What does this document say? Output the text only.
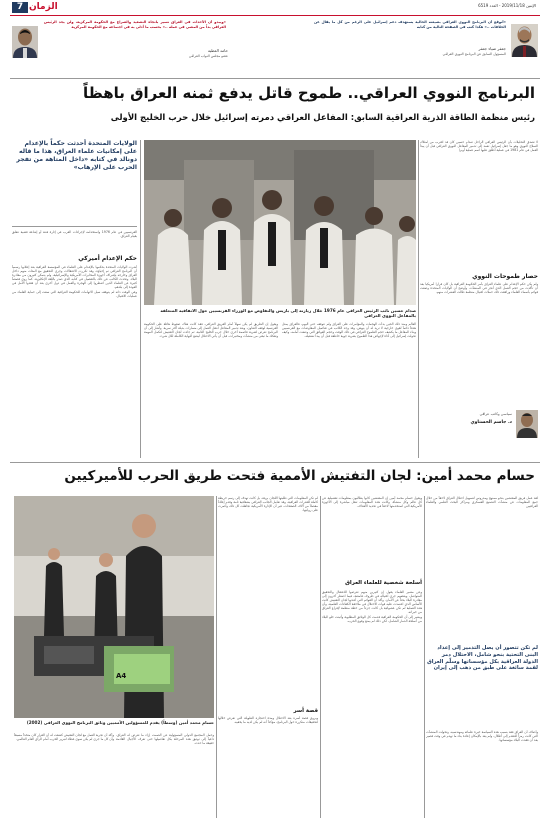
7 الزمان	الإثنين 2019/11/18 - العدد 6519
«ويبدو أن الأحداث في العراق تسير باتجاه التصعيد والصراع مع الحكومة المركزية، ولن يجد الرئيس العراقي بداً من المضي في عمله ..» بحسب ما أدلى به في اجتماعه مع الحكومة المركزية
حامد العطية
عضو مجلس النواب العراقي
«أتوقع أن البرنامج النووي العراقي بصيغته الحالية يستهدف دعم إسرائيل على الرغم من كل ما يقال عن الخلافات ..» هكذا كتب في الصفحة التالية من كتابه
جعفر ضياء جعفر
المسؤول السابق عن البرنامج النووي العراقي
البرنامج النووي العراقي.. طموح قاتل يدفع ثمنه العراق باهظاً
رئيس منظمة الطاقة الذرية العراقية السابق: المفاعل العراقي دمرته إسرائيل خلال حرب الخليج الأولى
لا تصدق التحليلات بأن الرئيس العراقي الراحل صدام حسين كان قد اقترب من امتلاك السلاح النووي وهو ما جعل إسرائيل تعمد إلى تدمير المفاعل النووي العراقي قبل أن يبدأ العمل في عام 1981 في عملية أطلق عليها اسم عملية أوبرا
حصار طموحات النووي

ولم يكن حكم الإعدام على علماء العراق بأمر الحكومة العراقية بل كان قرارا أمريكيا بعد أن تأكدت من حجم العمل الذي أنجز في المنشآت. وأوضح أن الولايات المتحدة وضعت قوائم بأسماء العلماء ورافقت ذلك حملات اغتيال منظمة طالت العشرات منهم.

سياسي وكاتب عراقي
د. جاسم الحسناوي
صدام حسين نائب الرئيس العراقي عام 1976 خلال زيارته إلى باريس والتفاوض مع الوزراء الفرنسيين حول الاتفاقية المتعلقة بالمفاعل النووي العراقي
الولايات المتحدة أحدثت حكماً بالإعدام على إمكانيات علماء العراق، هذا ما قاله دونالد في كتابه «داخل المتاهة من تفجر الحرب على الإرهاب»

الفرنسيين في عام 1976 واستخدامه لإجراءات الغرب في إثارة فتنة أو إشاعة قضية تتعلق بقيام العراق.

حكم الإعدام أميركي

أشرت الولايات المتحدة بحكمها بالإعدام على العلماء في المؤسسة العراقية بعد إعلانها رسمياً أن البرنامج العراقي تم إحياؤه، وقد تكررت الاعتقالات وجرى التحقيق مع المئات منهم داخل العراق وخارجه بإشراف أجهزة المخابرات الأمريكية والإسرائيلية، ولم يتمكن كثيرون من مغادرة البلاد. وتحدث الكاتب عن ذلك بالتفصيل في كتابه الذي صدر باللغة الإنكليزية. كما روى قصصاً كثيرة عن العلماء الذين اضطروا إلى الهجرة والعمل في دول أخرى بعد أن فقدوا الأمل في العودة إلى بلدهم.

وفي الوقت ذاته لم يتوقف سيل الاتهامات للحكومة العراقية التي سعت إلى حماية العلماء من عمليات الاغتيال.

العالم ومنذ ذلك الحين بدأت الهجمات والمؤامرات على العراق ولم تتوقف حتى اليوم، فالعراق يمثل هدفاً دائماً لقوى خارجية لا تريد له أن ينهض. وقد وجد الكاتب في تفاصيل المفاوضات مع الفرنسيين وبناء المفاعل ما يكشف حجم الطموح العراقي في ذلك الوقت وحجم العوائق التي وضعت أمامه، وكيف تحولت إسرائيل إلى أداة لإجهاض هذا الطموح بضربة جوية خاطفة قبل أن يبدأ تشغيله.

ويقول إن الطريق لم يكن سهلاً أمام الفريق العراقي، فقد كانت هناك ضغوط هائلة على الحكومة الفرنسية لوقف التعاون، وبعد تدمير المفاعل انتقل العمل إلى مسارات بديلة أكثر سرية. وأشار إلى أن البرنامج تعرض لضربة قاصمة أخرى خلال حرب الخليج الثانية، ثم جاءت لجان التفتيش لتكمل المهمة وتفكك ما تبقى من منشآت ومختبرات، قبل أن يأتي الاحتلال ليضع النهاية الكاملة لكل شيء.

حسام محمد أمين: لجان التفتيش الأممية فتحت طريق الحرب للأميركيين
لقد عمل فريق المفتشين بنحو ممنهج ومدروس لتسهيل احتلال العراق لاحقاً من خلال جمع المعلومات عن منشآت التصنيع العسكري ومراكز البحث العلمي والعلماء العراقيين
لم تكن تتصور أن يصل التدمير إلى إعداد البنى التحتية بنحو شامل، الاحتلال دمر الدولة العراقية بكل مؤسساتها وسلّم العراق لقمة سائغة على طبق من ذهب إلى إيران

وأضاف أن العراق فقد بسبب هذه السياسة خيرة علمائه ومهندسيه، وتحولت المنشآت التي كانت رمزاً للتقدم إلى أطلال، ولم يعد بالإمكان إعادة بناء ما تهدم في وقت قصير بعد أن فقدت البلاد مؤسساتها.

ويقول حسام محمد أمين إن المفتشين كانوا يطالبون بمعلومات تفصيلية عن كل عالم وكل منشأة، وكانت هذه المعلومات تنقل مباشرة إلى الأجهزة الأمريكية التي استخدمتها لاحقاً في تحديد الأهداف.

أسلحة شخصية للعلماء العراق

وعن مصير العلماء يقول إن كثيرين منهم تعرضوا للاعتقال والتحقيق المتواصل، وبعضهم جرى اغتياله في ظروف غامضة، فيما اضطر آخرون إلى مغادرة البلاد بحثاً عن الأمان. وأكد أن القوائم التي أعدتها لجان التفتيش كانت الأساس الذي اعتمدت عليه قوات الاحتلال في ملاحقة الكفاءات العلمية، وأن هذه العملية لم تكن عشوائية بل كانت جزءاً من خطة منظمة لإفراغ العراق من خبراته.

ويشير إلى أن الحكومة العراقية قدمت كل الوثائق المطلوبة وأثبتت خلو البلاد من أسلحة الدمار الشامل، لكن ذلك لم يمنع وقوع الحرب.

لم تكن المعلومات التي طلبتها اللجان بريئة، بل كانت تهدف إلى رسم خريطة كاملة للقدرات العراقية، وقد تعامل الجانب العراقي بشفافية تامة وقدم إعلاناً مفصلاً من آلاف الصفحات، غير أن الإدارة الأمريكية تجاهلت كل ذلك وأصرت على روايتها.

قصة أسر

ويروي قصة أسره بعد الاحتلال ومدة احتجازه الطويلة التي تعرض خلالها لتحقيقات متكررة حول البرنامج، مؤكداً أنه لم يكن لديه ما يخفيه.

A4
حسام محمد أمين (وسطاً) يقدم للمسؤولين الأمميين وثائق البرنامج النووي العراقي (2002)

وأكد أن تجربة العمل مع لجان التفتيش كشفت له أن القرار كان متخذاً مسبقاً وأن كل ما جرى لم يكن سوى غطاء لتبرير الحرب أمام الرأي العام العالمي.

وحمل المجتمع الدولي المسؤولية عن الصمت إزاء ما تعرض له العراق، داعياً إلى توثيق هذه المرحلة بكل تفاصيلها حتى تعرف الأجيال القادمة حقيقة ما حدث.
